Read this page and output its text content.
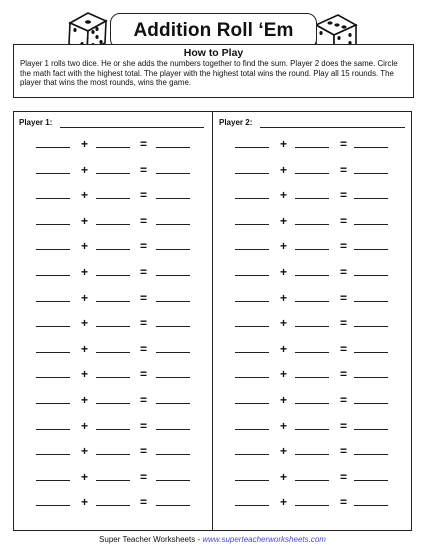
Addition Roll ‘Em
How to Play
Player 1 rolls two dice. He or she adds the numbers together to find the sum. Player 2 does the same. Circle the math fact with the highest total. The player with the highest total wins the round. Play all 15 rounds. The player that wins the most rounds, wins the game.
Player 1:	Player 2:
+	=	+	=
+	=	+	=
+	=	+	=
+	=	+	=
+	=	+	=
+	=	+	=
+	=	+	=
+	=	+	=
+	=	+	=
+	=	+	=
+	=	+	=
+	=	+	=
+	=	+	=
+	=	+	=
+	=	+	=
Super Teacher Worksheets - www.superteacherworksheets.com
